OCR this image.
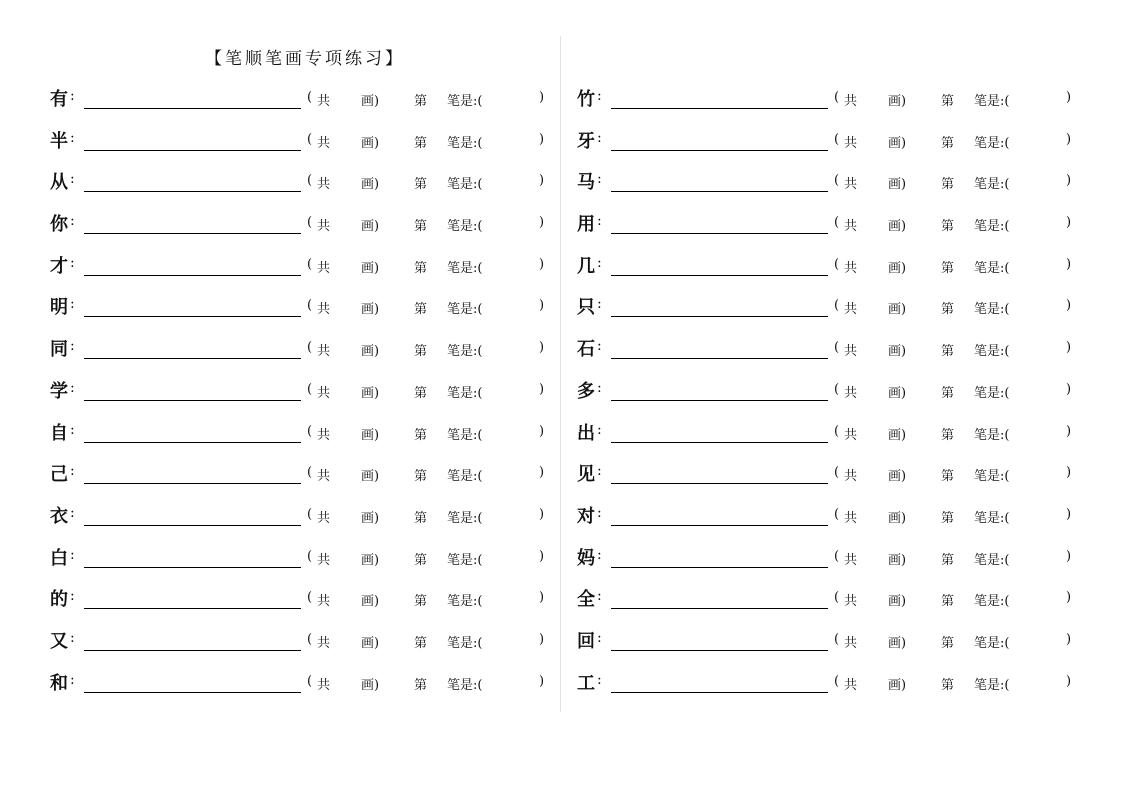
【笔顺笔画专项练习】
有 :	( 共 画)	第 笔是:(	)
半 :	( 共 画)	第 笔是:(	)
从 :	( 共 画)	第 笔是:(	)
你 :	( 共 画)	第 笔是:(	)
才 :	( 共 画)	第 笔是:(	)
明 :	( 共 画)	第 笔是:(	)
同 :	( 共 画)	第 笔是:(	)
学 :	( 共 画)	第 笔是:(	)
自 :	( 共 画)	第 笔是:(	)
己 :	( 共 画)	第 笔是:(	)
衣 :	( 共 画)	第 笔是:(	)
白 :	( 共 画)	第 笔是:(	)
的 :	( 共 画)	第 笔是:(	)
又 :	( 共 画)	第 笔是:(	)
和 :	( 共 画)	第 笔是:(	)
竹 :	( 共 画)	第 笔是:(	)
牙 :	( 共 画)	第 笔是:(	)
马 :	( 共 画)	第 笔是:(	)
用 :	( 共 画)	第 笔是:(	)
几 :	( 共 画)	第 笔是:(	)
只 :	( 共 画)	第 笔是:(	)
石 :	( 共 画)	第 笔是:(	)
多 :	( 共 画)	第 笔是:(	)
出 :	( 共 画)	第 笔是:(	)
见 :	( 共 画)	第 笔是:(	)
对 :	( 共 画)	第 笔是:(	)
妈 :	( 共 画)	第 笔是:(	)
全 :	( 共 画)	第 笔是:(	)
回 :	( 共 画)	第 笔是:(	)
工 :	( 共 画)	第 笔是:(	)
